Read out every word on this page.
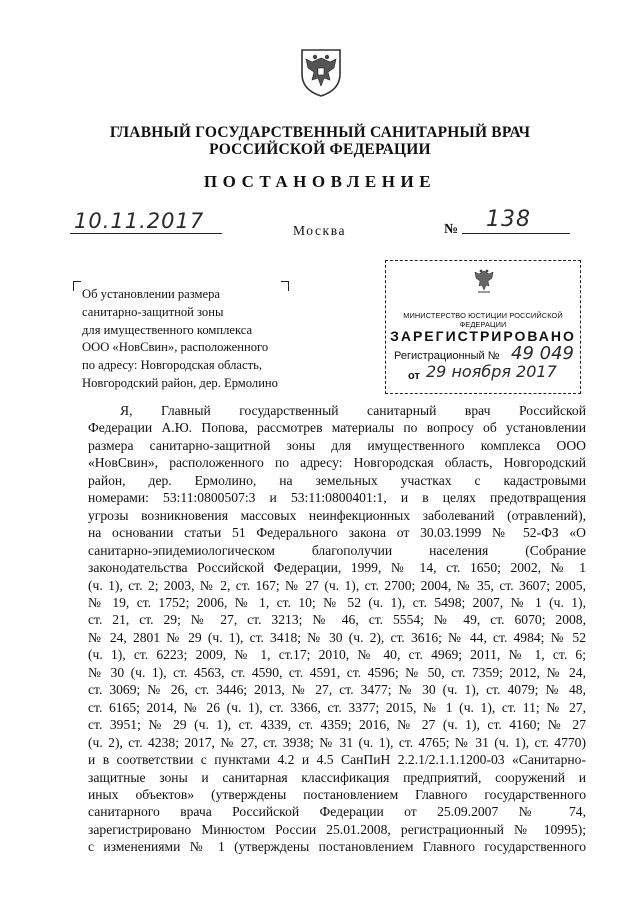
ГЛАВНЫЙ ГОСУДАРСТВЕННЫЙ САНИТАРНЫЙ ВРАЧ
РОССИЙСКОЙ ФЕДЕРАЦИИ
ПОСТАНОВЛЕНИЕ
10.11.2017	Москва	№ 138
Об установлении размера
санитарно-защитной зоны
для имущественного комплекса
ООО «НовСвин», расположенного
по адресу: Новгородская область,
Новгородский район, дер. Ермолино
МИНИСТЕРСТВО ЮСТИЦИИ РОССИЙСКОЙ ФЕДЕРАЦИИ
ЗАРЕГИСТРИРОВАНО
Регистрационный № 49 049
от 29 ноября 2017
Я, Главный государственный санитарный врач Российской
Федерации А.Ю. Попова, рассмотрев материалы по вопросу об установлении
размера санитарно-защитной зоны для имущественного комплекса ООО
«НовСвин», расположенного по адресу: Новгородская область, Новгородский
район, дер. Ермолино, на земельных участках с кадастровыми
номерами: 53:11:0800507:3 и 53:11:0800401:1, и в целях предотвращения
угрозы возникновения массовых неинфекционных заболеваний (отравлений),
на основании статьи 51 Федерального закона от 30.03.1999 № 52-ФЗ «О
санитарно-эпидемиологическом благополучии населения (Собрание
законодательства Российской Федерации, 1999, № 14, ст. 1650; 2002, № 1
(ч. 1), ст. 2; 2003, № 2, ст. 167; № 27 (ч. 1), ст. 2700; 2004, № 35, ст. 3607; 2005,
№ 19, ст. 1752; 2006, № 1, ст. 10; № 52 (ч. 1), ст. 5498; 2007, № 1 (ч. 1),
ст. 21, ст. 29; № 27, ст. 3213; № 46, ст. 5554; № 49, ст. 6070; 2008,
№ 24, 2801 № 29 (ч. 1), ст. 3418; № 30 (ч. 2), ст. 3616; № 44, ст. 4984; № 52
(ч. 1), ст. 6223; 2009, № 1, ст.17; 2010, № 40, ст. 4969; 2011, № 1, ст. 6;
№ 30 (ч. 1), ст. 4563, ст. 4590, ст. 4591, ст. 4596; № 50, ст. 7359; 2012, № 24,
ст. 3069; № 26, ст. 3446; 2013, № 27, ст. 3477; № 30 (ч. 1), ст. 4079; № 48,
ст. 6165; 2014, № 26 (ч. 1), ст. 3366, ст. 3377; 2015, № 1 (ч. 1), ст. 11; № 27,
ст. 3951; № 29 (ч. 1), ст. 4339, ст. 4359; 2016, № 27 (ч. 1), ст. 4160; № 27
(ч. 2), ст. 4238; 2017, № 27, ст. 3938; № 31 (ч. 1), ст. 4765; № 31 (ч. 1), ст. 4770)
и в соответствии с пунктами 4.2 и 4.5 СанПиН 2.2.1/2.1.1.1200-03 «Санитарно-
защитные зоны и санитарная классификация предприятий, сооружений и
иных объектов» (утверждены постановлением Главного государственного
санитарного врача Российской Федерации от 25.09.2007 № 74,
зарегистрировано Минюстом России 25.01.2008, регистрационный № 10995);
с изменениями № 1 (утверждены постановлением Главного государственного
